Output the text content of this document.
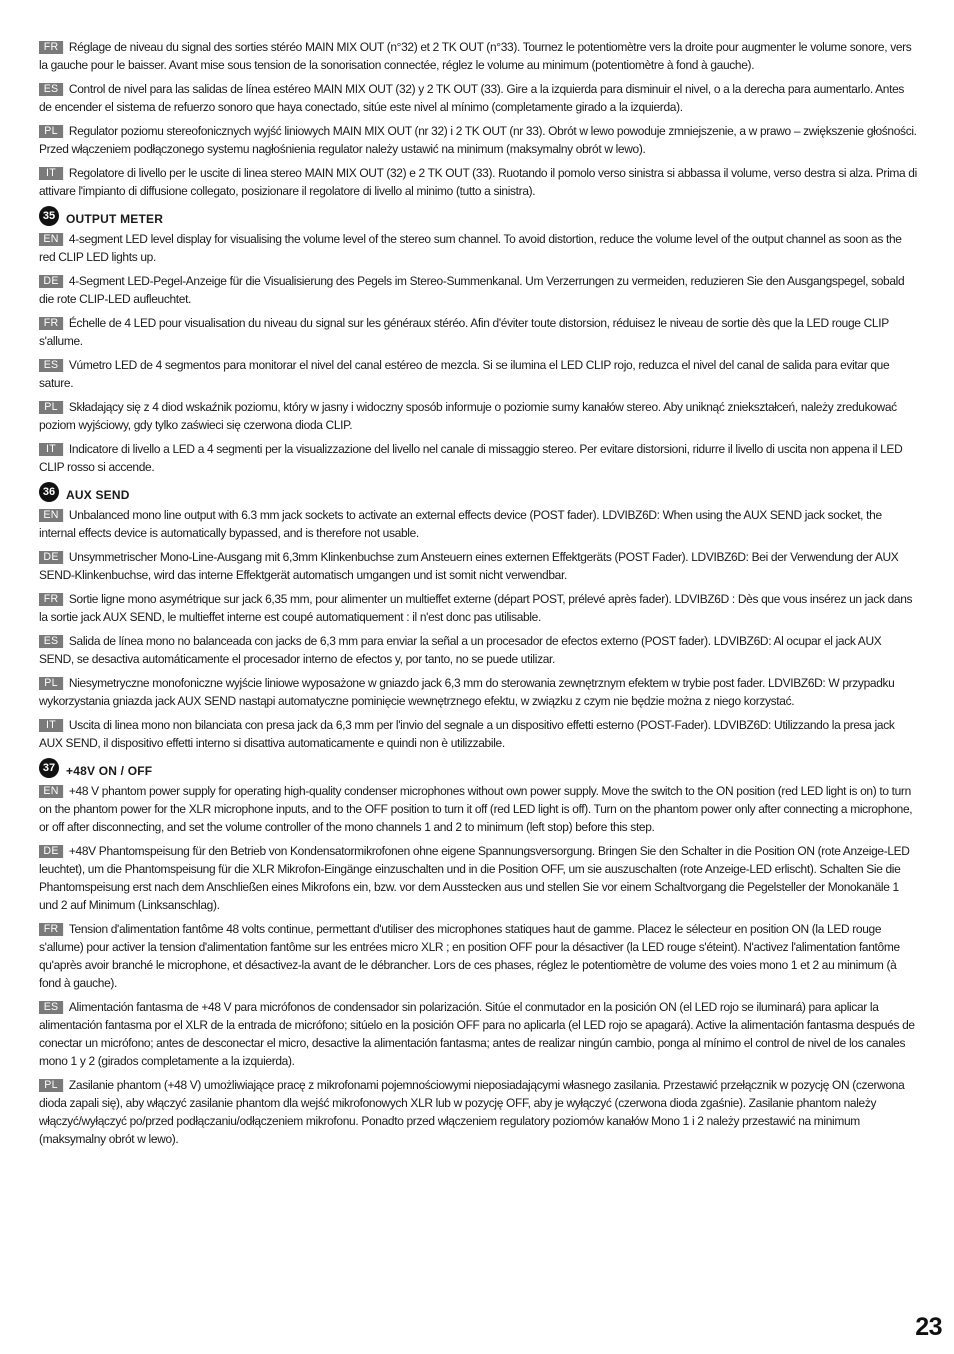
FR Réglage de niveau du signal des sorties stéréo MAIN MIX OUT (n°32) et 2 TK OUT (n°33). Tournez le potentiomètre vers la droite pour augmenter le volume sonore, vers la gauche pour le baisser. Avant mise sous tension de la sonorisation connectée, réglez le volume au minimum (potentiomètre à fond à gauche).
ES Control de nivel para las salidas de línea estéreo MAIN MIX OUT (32) y 2 TK OUT (33). Gire a la izquierda para disminuir el nivel, o a la derecha para aumentarlo. Antes de encender el sistema de refuerzo sonoro que haya conectado, sitúe este nivel al mínimo (completamente girado a la izquierda).
PL Regulator poziomu stereofonicznych wyjść liniowych MAIN MIX OUT (nr 32) i 2 TK OUT (nr 33). Obrót w lewo powoduje zmniejszenie, a w prawo – zwiększenie głośności. Przed włączeniem podłączonego systemu nagłośnienia regulator należy ustawić na minimum (maksymalny obrót w lewo).
IT Regolatore di livello per le uscite di linea stereo MAIN MIX OUT (32) e 2 TK OUT (33). Ruotando il pomolo verso sinistra si abbassa il volume, verso destra si alza. Prima di attivare l'impianto di diffusione collegato, posizionare il regolatore di livello al minimo (tutto a sinistra).
35 OUTPUT METER
EN 4-segment LED level display for visualising the volume level of the stereo sum channel. To avoid distortion, reduce the volume level of the output channel as soon as the red CLIP LED lights up.
DE 4-Segment LED-Pegel-Anzeige für die Visualisierung des Pegels im Stereo-Summenkanal. Um Verzerrungen zu vermeiden, reduzieren Sie den Ausgangspegel, sobald die rote CLIP-LED aufleuchtet.
FR Échelle de 4 LED pour visualisation du niveau du signal sur les généraux stéréo. Afin d'éviter toute distorsion, réduisez le niveau de sortie dès que la LED rouge CLIP s'allume.
ES Vúmetro LED de 4 segmentos para monitorar el nivel del canal estéreo de mezcla. Si se ilumina el LED CLIP rojo, reduzca el nivel del canal de salida para evitar que sature.
PL Składający się z 4 diod wskaźnik poziomu, który w jasny i widoczny sposób informuje o poziomie sumy kanałów stereo. Aby uniknąć zniekształceń, należy zredukować poziom wyjściowy, gdy tylko zaświeci się czerwona dioda CLIP.
IT Indicatore di livello a LED a 4 segmenti per la visualizzazione del livello nel canale di missaggio stereo. Per evitare distorsioni, ridurre il livello di uscita non appena il LED CLIP rosso si accende.
36 AUX SEND
EN Unbalanced mono line output with 6.3 mm jack sockets to activate an external effects device (POST fader). LDVIBZ6D: When using the AUX SEND jack socket, the internal effects device is automatically bypassed, and is therefore not usable.
DE Unsymmetrischer Mono-Line-Ausgang mit 6,3mm Klinkenbuchse zum Ansteuern eines externen Effektgeräts (POST Fader). LDVIBZ6D: Bei der Verwendung der AUX SEND-Klinkenbuchse, wird das interne Effektgerät automatisch umgangen und ist somit nicht verwendbar.
FR Sortie ligne mono asymétrique sur jack 6,35 mm, pour alimenter un multieffet externe (départ POST, prélevé après fader). LDVIBZ6D : Dès que vous insérez un jack dans la sortie jack AUX SEND, le multieffet interne est coupé automatiquement : il n'est donc pas utilisable.
ES Salida de línea mono no balanceada con jacks de 6,3 mm para enviar la señal a un procesador de efectos externo (POST fader). LDVIBZ6D: Al ocupar el jack AUX SEND, se desactiva automáticamente el procesador interno de efectos y, por tanto, no se puede utilizar.
PL Niesymetryczne monofoniczne wyjście liniowe wyposażone w gniazdo jack 6,3 mm do sterowania zewnętrznym efektem w trybie post fader. LDVIBZ6D: W przypadku wykorzystania gniazda jack AUX SEND nastąpi automatyczne pominięcie wewnętrznego efektu, w związku z czym nie będzie można z niego korzystać.
IT Uscita di linea mono non bilanciata con presa jack da 6,3 mm per l'invio del segnale a un dispositivo effetti esterno (POST-Fader). LDVIBZ6D: Utilizzando la presa jack AUX SEND, il dispositivo effetti interno si disattiva automaticamente e quindi non è utilizzabile.
37 +48V ON / OFF
EN +48 V phantom power supply for operating high-quality condenser microphones without own power supply. Move the switch to the ON position (red LED light is on) to turn on the phantom power for the XLR microphone inputs, and to the OFF position to turn it off (red LED light is off). Turn on the phantom power only after connecting a microphone, or off after disconnecting, and set the volume controller of the mono channels 1 and 2 to minimum (left stop) before this step.
DE +48V Phantomspeisung für den Betrieb von Kondensatormikrofonen ohne eigene Spannungsversorgung. Bringen Sie den Schalter in die Position ON (rote Anzeige-LED leuchtet), um die Phantomspeisung für die XLR Mikrofon-Eingänge einzuschalten und in die Position OFF, um sie auszuschalten (rote Anzeige-LED erlischt). Schalten Sie die Phantomspeisung erst nach dem Anschließen eines Mikrofons ein, bzw. vor dem Ausstecken aus und stellen Sie vor einem Schaltvorgang die Pegelsteller der Monokanäle 1 und 2 auf Minimum (Linksanschlag).
FR Tension d'alimentation fantôme 48 volts continue, permettant d'utiliser des microphones statiques haut de gamme. Placez le sélecteur en position ON (la LED rouge s'allume) pour activer la tension d'alimentation fantôme sur les entrées micro XLR ; en position OFF pour la désactiver (la LED rouge s'éteint). N'activez l'alimentation fantôme qu'après avoir branché le microphone, et désactivez-la avant de le débrancher. Lors de ces phases, réglez le potentiomètre de volume des voies mono 1 et 2 au minimum (à fond à gauche).
ES Alimentación fantasma de +48 V para micrófonos de condensador sin polarización. Sitúe el conmutador en la posición ON (el LED rojo se iluminará) para aplicar la alimentación fantasma por el XLR de la entrada de micrófono; sitúelo en la posición OFF para no aplicarla (el LED rojo se apagará). Active la alimentación fantasma después de conectar un micrófono; antes de desconectar el micro, desactive la alimentación fantasma; antes de realizar ningún cambio, ponga al mínimo el control de nivel de los canales mono 1 y 2 (girados completamente a la izquierda).
PL Zasilanie phantom (+48 V) umożliwiające pracę z mikrofonami pojemnościowymi nieposiadającymi własnego zasilania. Przestawić przełącznik w pozycję ON (czerwona dioda zapali się), aby włączyć zasilanie phantom dla wejść mikrofonowych XLR lub w pozycję OFF, aby je wyłączyć (czerwona dioda zgaśnie). Zasilanie phantom należy włączyć/wyłączyć po/przed podłączaniu/odłączeniem mikrofonu. Ponadto przed włączeniem regulatory poziomów kanałów Mono 1 i 2 należy przestawić na minimum (maksymalny obrót w lewo).
23
